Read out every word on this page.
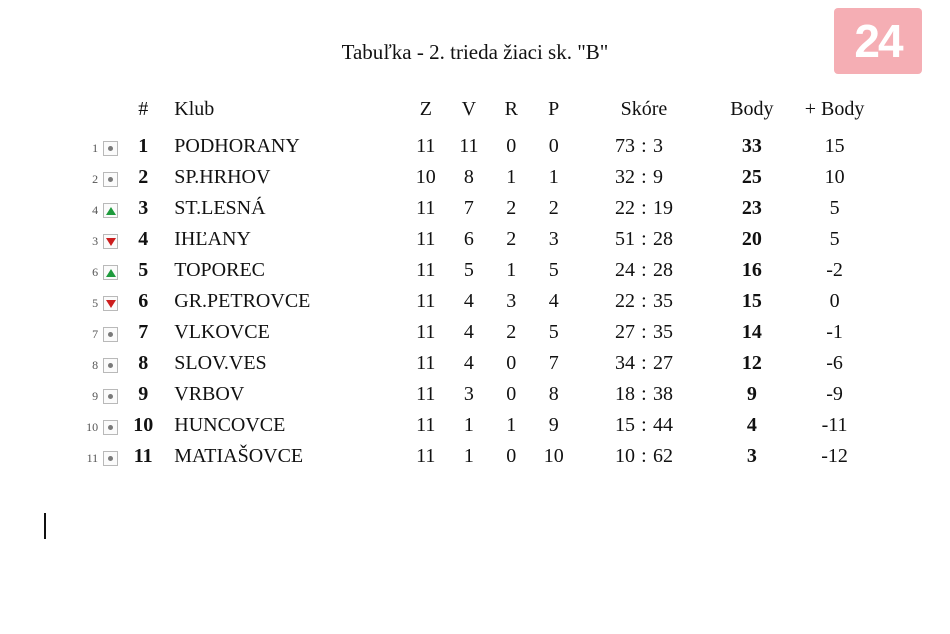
24
Tabuľka - 2. trieda žiaci sk. "B"
	#	Klub	Z	V	R	P	Skóre	Body	+ Body

1	1	PODHORANY	11	11	0	0	73 : 3	33	15

2	2	SP.HRHOV	10	8	1	1	32 : 9	25	10

4	3	ST.LESNÁ	11	7	2	2	22 : 19	23	5

3	4	IHĽANY	11	6	2	3	51 : 28	20	5

6	5	TOPOREC	11	5	1	5	24 : 28	16	-2

5	6	GR.PETROVCE	11	4	3	4	22 : 35	15	0

7	7	VLKOVCE	11	4	2	5	27 : 35	14	-1

8	8	SLOV.VES	11	4	0	7	34 : 27	12	-6

9	9	VRBOV	11	3	0	8	18 : 38	9	-9

10	10	HUNCOVCE	11	1	1	9	15 : 44	4	-11

11	11	MATIAŠOVCE	11	1	0	10	10 : 62	3	-12
